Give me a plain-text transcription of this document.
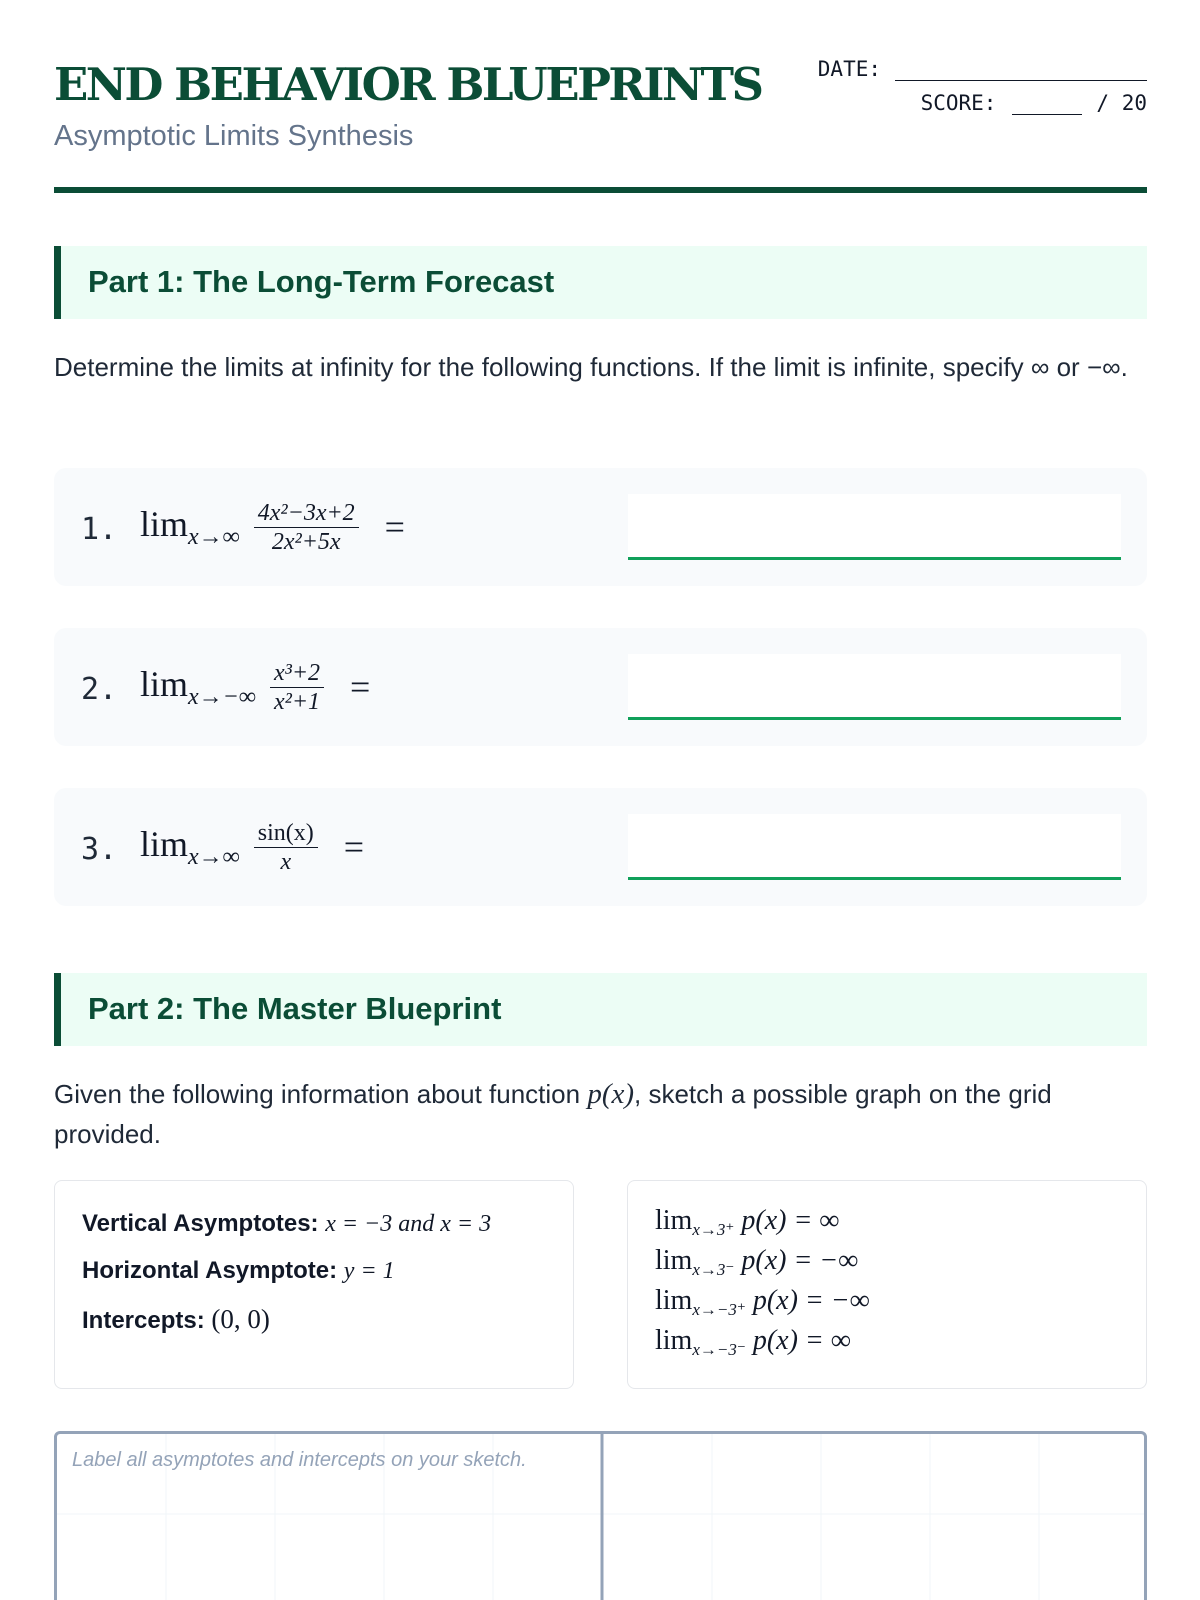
END BEHAVIOR BLUEPRINTS
Asymptotic Limits Synthesis
DATE:
SCORE:	/ 20
Part 1: The Long-Term Forecast
Determine the limits at infinity for the following functions. If the limit is infinite, specify ∞ or −∞.
1. $\lim_{x\to\infty} \frac{\text{4x²−3x+2}}{\text{2x²+5x}}$ =
2. $\lim_{x\to-\infty} \frac{\text{x³+2}}{\text{x²+1}}$ =
3. $\lim_{x\to\infty} \frac{\sin(x)}{x}$ =
Part 2: The Master Blueprint
Given the following information about function p(x), sketch a possible graph on the grid provided.
Vertical Asymptotes: x = −3 and x = 3
Horizontal Asymptote: y = 1
Intercepts: (0, 0)
$\lim_{x\to 3^+} p(x)$ = ∞
$\lim_{x\to 3^-} p(x)$ = −∞
$\lim_{x\to-3^+} p(x)$ = −∞
$\lim_{x\to-3^-} p(x)$ = ∞
Label all asymptotes and intercepts on your sketch.
